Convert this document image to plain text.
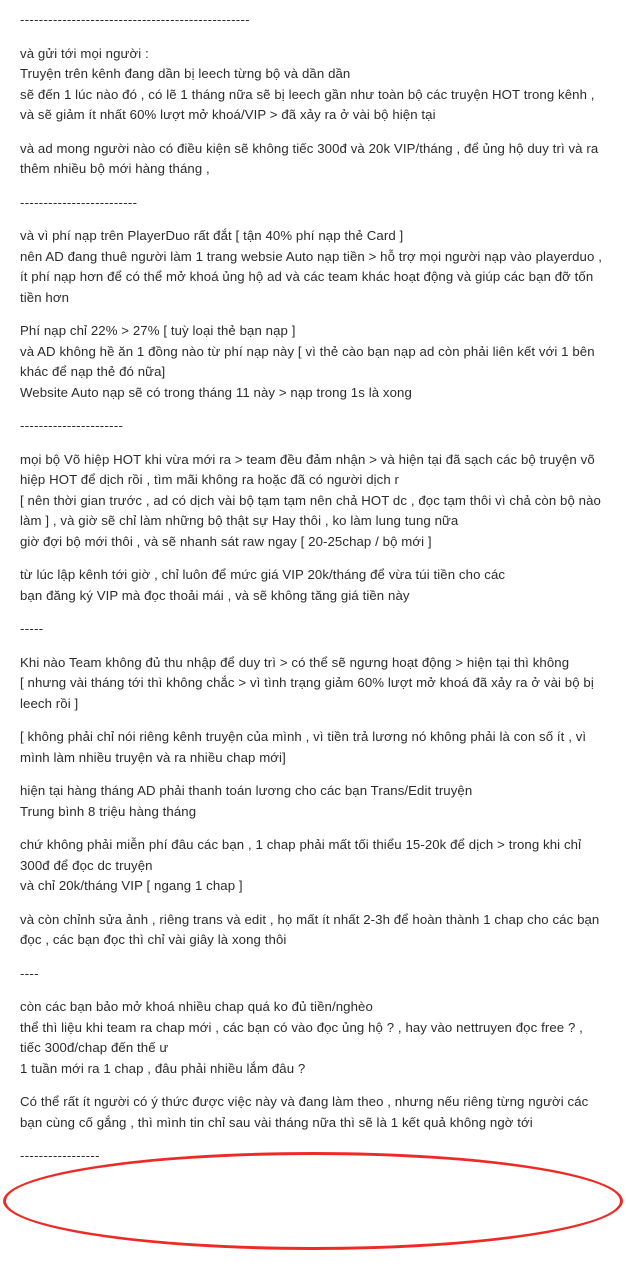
-------------------------------------------------

và gửi tới mọi người :

Truyện trên kênh đang dần bị leech từng bộ và dần dần

sẽ đến 1 lúc nào đó , có lẽ 1 tháng nữa sẽ bị leech gần như toàn bộ các truyện HOT trong kênh ,

và sẽ giảm ít nhất 60% lượt mở khoá/VIP > đã xảy ra ở vài bộ hiện tại

và ad mong người nào có điều kiện sẽ không tiếc 300đ và 20k VIP/tháng , để ủng hộ duy trì và ra

thêm nhiều bộ mới hàng tháng ,

-------------------------

và vì phí nạp trên PlayerDuo rất đắt [ tận 40% phí nạp thẻ Card ]

nên AD đang thuê người làm 1 trang websie Auto nạp tiền > hỗ trợ mọi người nạp vào playerduo ,

ít phí nạp hơn để có thể mở khoá ủng hộ ad và các team khác hoạt động và giúp các bạn đỡ tốn

tiền hơn

Phí nạp chỉ 22% > 27% [ tuỳ loại thẻ bạn nạp ]

và AD không hề ăn 1 đồng nào từ phí nạp này [ vì thẻ cào bạn nạp ad còn phải liên kết với 1 bên

khác để nạp thẻ đó nữa]

Website Auto nạp sẽ có trong tháng 11 này > nạp trong 1s là xong

----------------------

mọi bộ Võ hiệp HOT khi vừa mới ra > team đều đảm nhận > và hiện tại đã sạch các bộ truyện võ

hiệp HOT để dịch rồi , tìm mãi không ra hoặc đã có người dịch r

[ nên thời gian trước , ad có dịch vài bộ tạm tạm nên chả HOT dc , đọc tạm thôi vì chả còn bộ nào

làm ] , và giờ sẽ chỉ làm những bộ thật sự Hay thôi , ko làm lung tung nữa

giờ đợi bộ mới thôi , và sẽ nhanh sát raw ngay [ 20-25chap / bộ mới ]

từ lúc lập kênh tới giờ , chỉ luôn để mức giá VIP 20k/tháng để vừa túi tiền cho các

bạn đăng ký VIP mà đọc thoải mái , và sẽ không tăng giá tiền này

-----

Khi nào Team không đủ thu nhập để duy trì > có thể sẽ ngưng hoạt động > hiện tại thì không

[ nhưng vài tháng tới thì không chắc > vì tình trạng giảm 60% lượt mở khoá đã xảy ra ở vài bộ bị

leech rồi ]

[ không phải chỉ nói riêng kênh truyện của mình , vì tiền trả lương nó không phải là con số ít , vì

mình làm nhiều truyện và ra nhiều chap mới]

hiện tại hàng tháng AD phải thanh toán lương cho các bạn Trans/Edit truyện

Trung bình 8 triệu hàng tháng

chứ không phải miễn phí đâu các bạn , 1 chap phải mất tối thiểu 15-20k để dịch > trong khi chỉ

300đ để đọc dc truyện

và chỉ 20k/tháng VIP [ ngang 1 chap ]

và còn chỉnh sửa ảnh , riêng trans và edit , họ mất ít nhất 2-3h để hoàn thành 1 chap cho các bạn

đọc , các bạn đọc thì chỉ vài giây là xong thôi

----

còn các bạn bảo mở khoá nhiều chap quá ko đủ tiền/nghèo

thể thì liệu khi team ra chap mới , các bạn có vào đọc ủng hộ ? , hay vào nettruyen đọc free ? ,

tiếc 300đ/chap đến thế ư

1 tuần mới ra 1 chap , đâu phải nhiều lắm đâu ?

Có thể rất ít người có ý thức được việc này và đang làm theo , nhưng nếu riêng từng người các

bạn cùng cố gắng , thì mình tin chỉ sau vài tháng nữa thì sẽ là 1 kết quả không ngờ tới

-----------------
